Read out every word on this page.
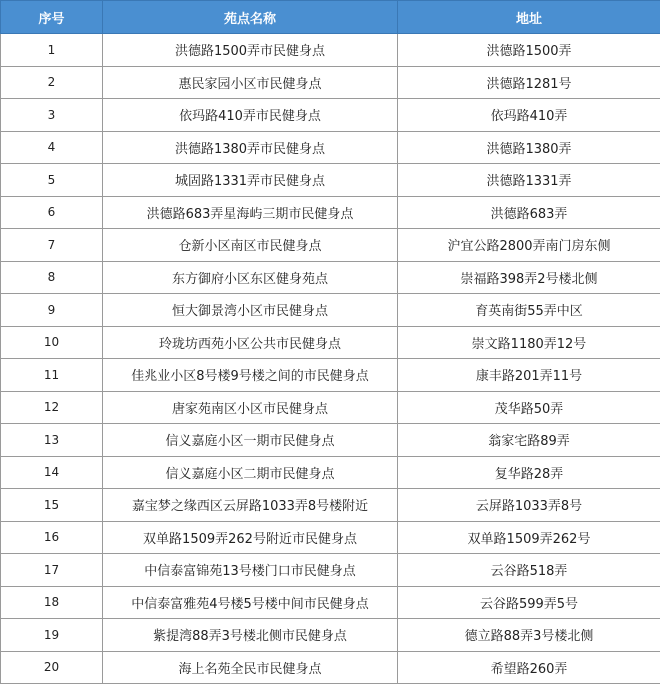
序号	苑点名称	地址
1	洪德路1500弄市民健身点	洪德路1500弄
2	惠民家园小区市民健身点	洪德路1281号
3	依玛路410弄市民健身点	依玛路410弄
4	洪德路1380弄市民健身点	洪德路1380弄
5	城固路1331弄市民健身点	洪德路1331弄
6	洪德路683弄星海屿三期市民健身点	洪德路683弄
7	仓新小区南区市民健身点	沪宜公路2800弄南门房东侧
8	东方御府小区东区健身苑点	崇福路398弄2号楼北侧
9	恒大御景湾小区市民健身点	育英南街55弄中区
10	玲珑坊西苑小区公共市民健身点	崇文路1180弄12号
11	佳兆业小区8号楼9号楼之间的市民健身点	康丰路201弄11号
12	唐家苑南区小区市民健身点	茂华路50弄
13	信义嘉庭小区一期市民健身点	翁家宅路89弄
14	信义嘉庭小区二期市民健身点	复华路28弄
15	嘉宝梦之缘西区云屏路1033弄8号楼附近	云屏路1033弄8号
16	双单路1509弄262号附近市民健身点	双单路1509弄262号
17	中信泰富锦苑13号楼门口市民健身点	云谷路518弄
18	中信泰富雅苑4号楼5号楼中间市民健身点	云谷路599弄5号
19	紫提湾88弄3号楼北侧市民健身点	德立路88弄3号楼北侧
20	海上名苑全民市民健身点	希望路260弄
